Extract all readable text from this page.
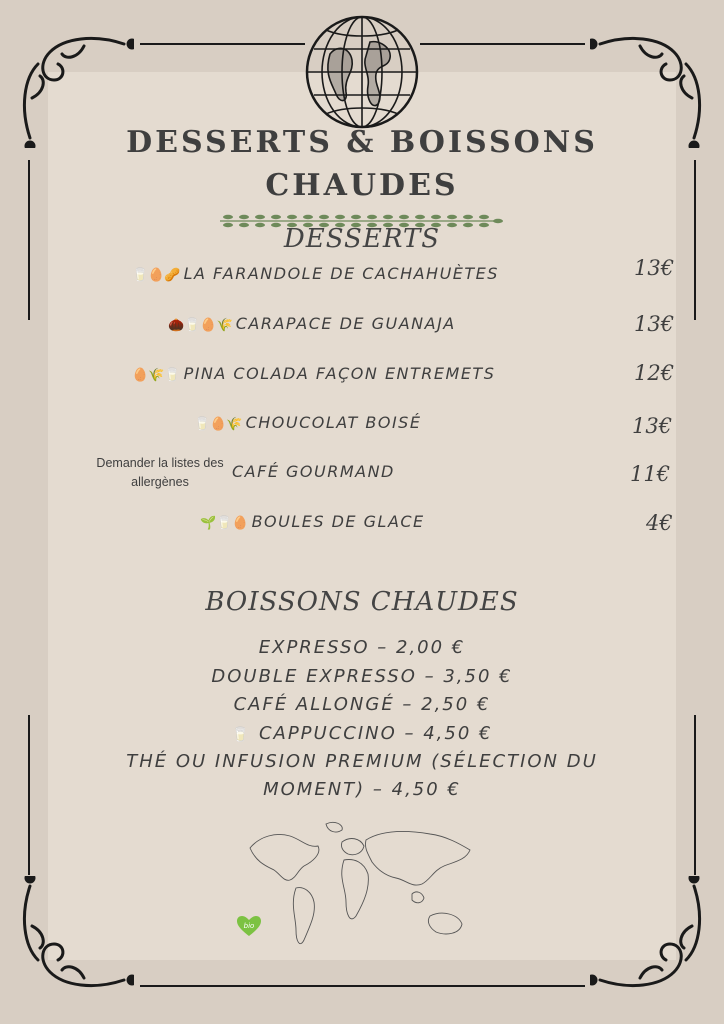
DESSERTS & BOISSONS
CHAUDES
DESSERTS
🥛🥚🥜 LA FARANDOLE DE CACHAHUÈTES	13€
🌰🥛🥚🌾 CARAPACE DE GUANAJA	13€
🥚🌾🥛 PINA COLADA FAÇON ENTREMETS	12€
🥛🥚🌾 CHOUCOLAT BOISÉ	13€
Demander la listes des allergènes
CAFÉ GOURMAND	11€
🌱🥛🥚 BOULES DE GLACE	4€
BOISSONS CHAUDES
EXPRESSO – 2,00 €
DOUBLE EXPRESSO – 3,50 €
CAFÉ ALLONGÉ – 2,50 €
🥛 CAPPUCCINO – 4,50 €
THÉ OU INFUSION PREMIUM (SÉLECTION DU
MOMENT) – 4,50 €
bio
